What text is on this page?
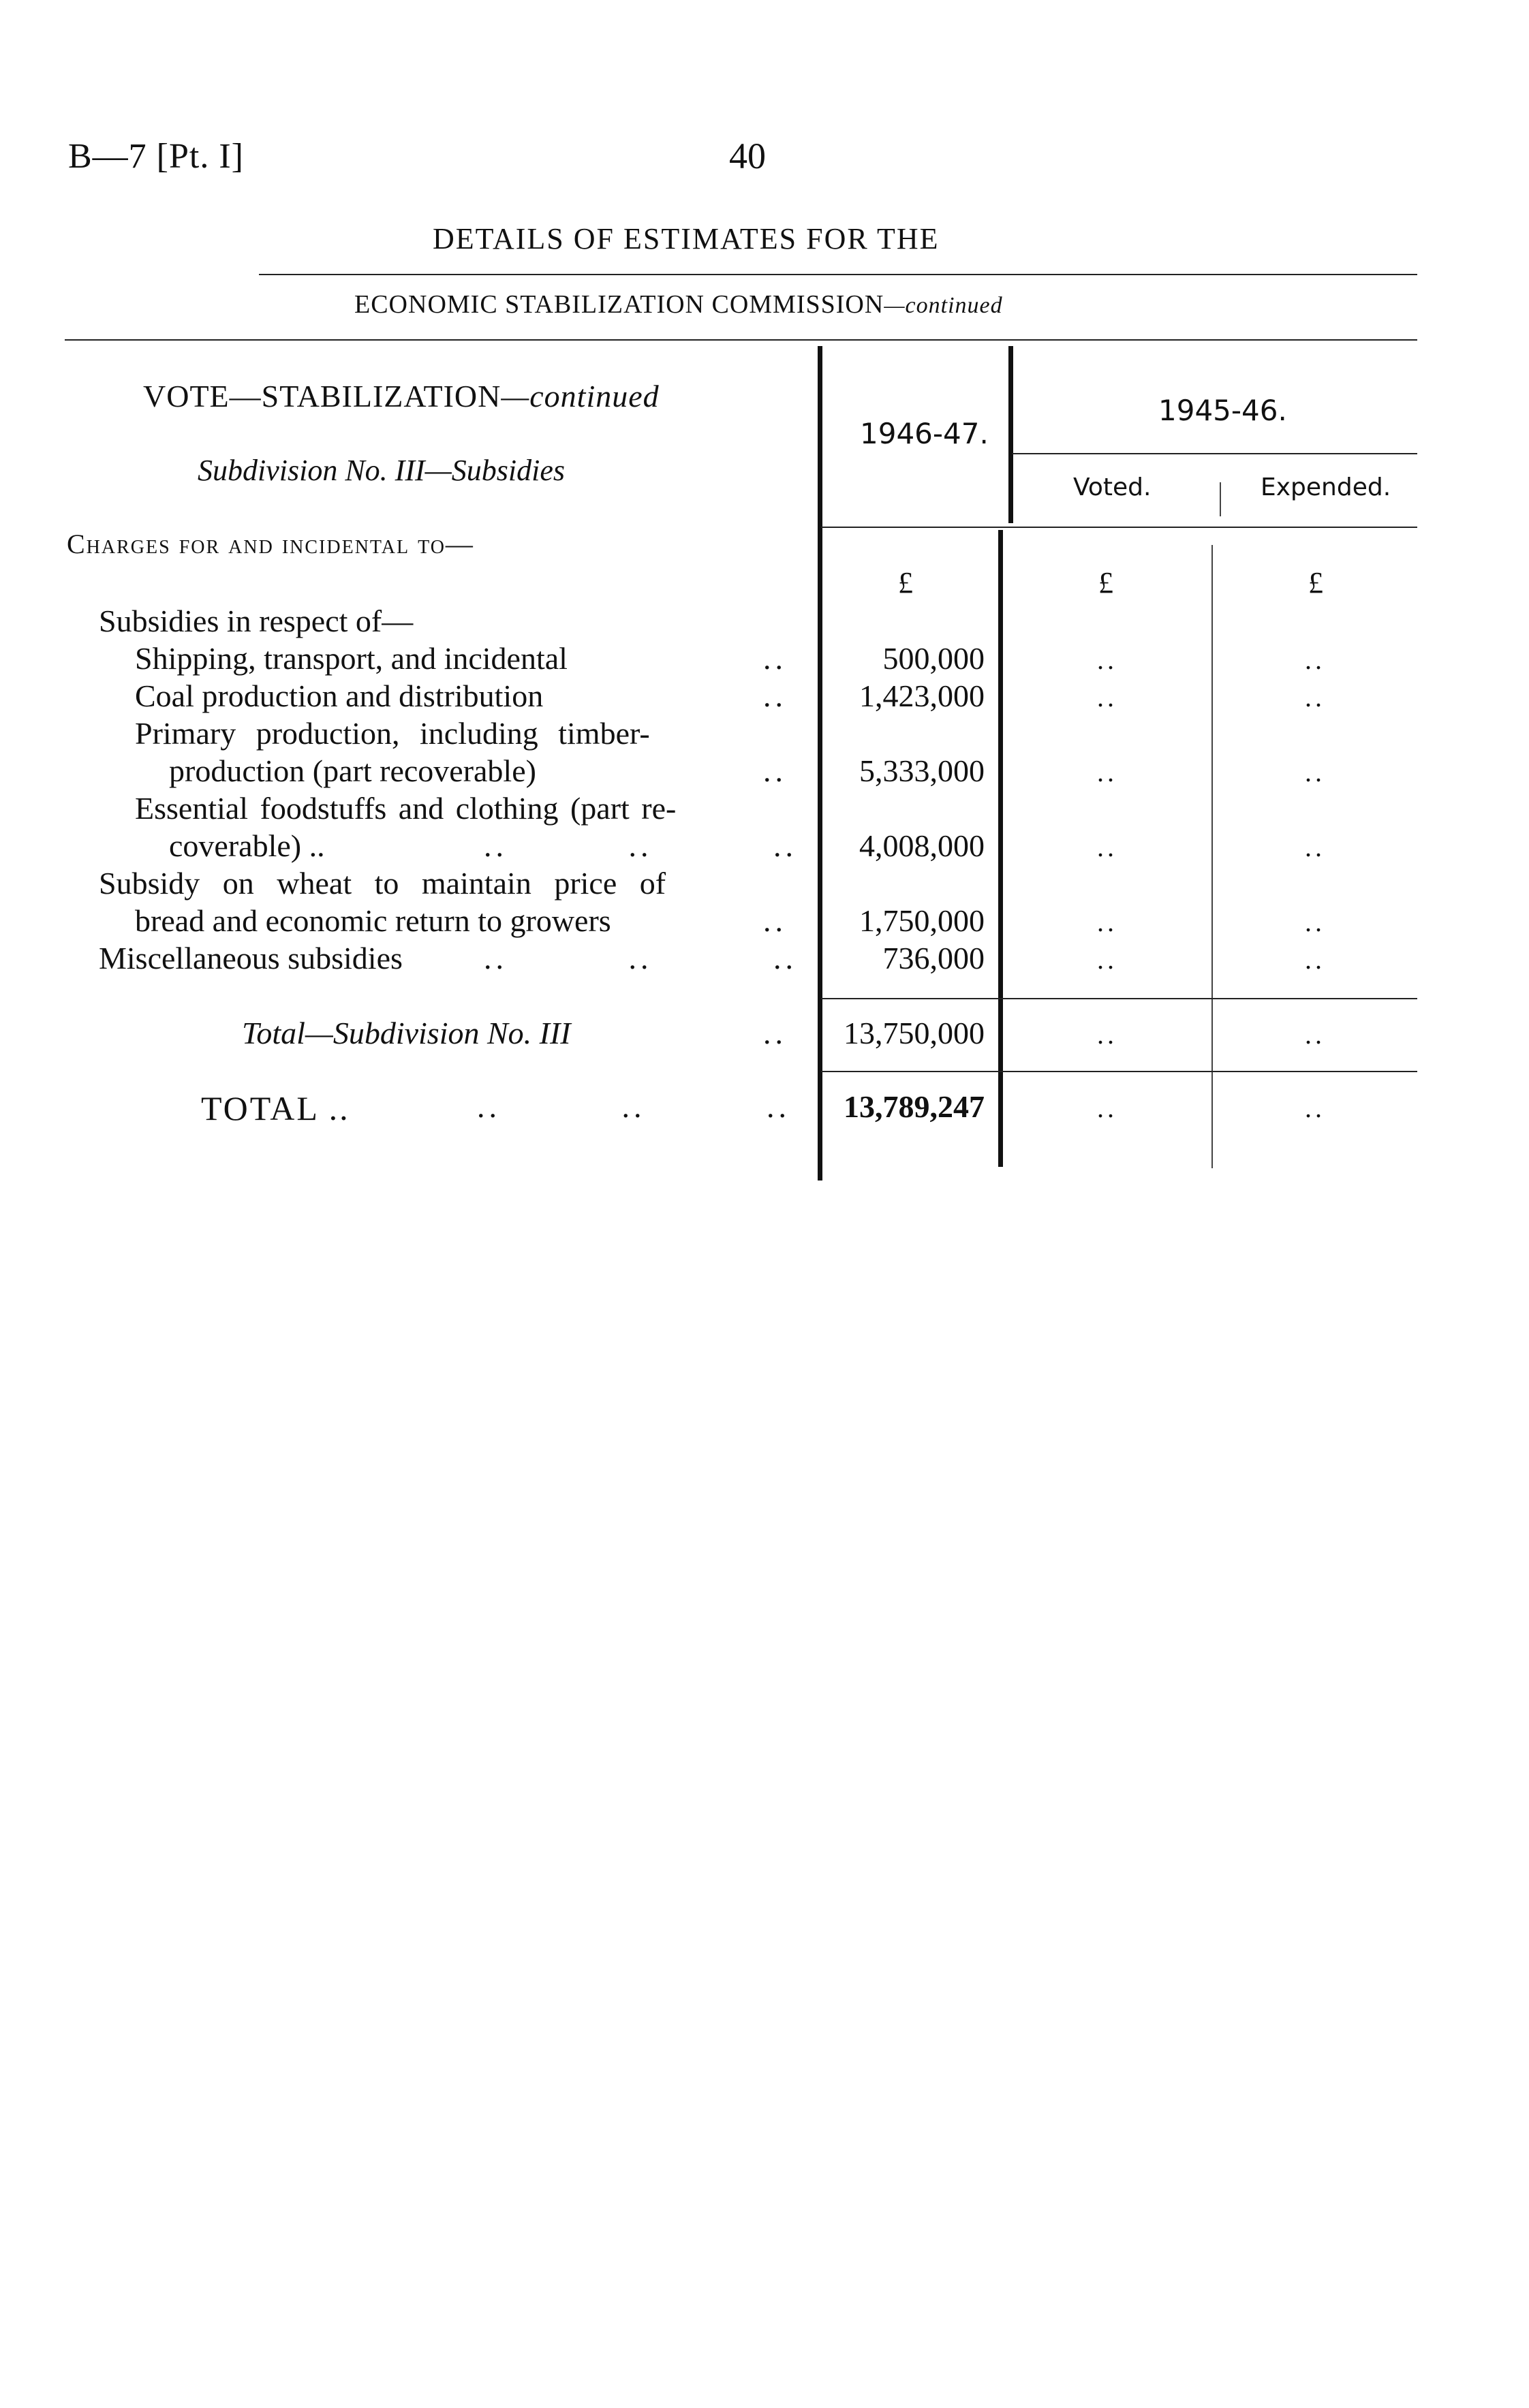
B—7 [Pt. I]	40
DETAILS OF ESTIMATES FOR THE
ECONOMIC STABILIZATION COMMISSION—continued
VOTE—STABILIZATION—continued
Subdivision No. III—Subsidies
1946-47.
1945-46.
Voted.	Expended.
Charges for and incidental to—
£	£	£
Subsidies in respect of—
Shipping, transport, and incidental	..	500,000	..	..
Coal production and distribution	..	1,423,000	..	..
Primary production, including timber-
production (part recoverable)	..	5,333,000	..	..
Essential foodstuffs and clothing (part re-
coverable) ..	..	..	..	4,008,000	..	..
Subsidy on wheat to maintain price of
bread and economic return to growers	..	1,750,000	..	..
Miscellaneous subsidies	..	..	..	736,000	..	..
Total—Subdivision No. III	..	13,750,000	..	..
TOTAL ..	..	..	..	13,789,247	..	..
